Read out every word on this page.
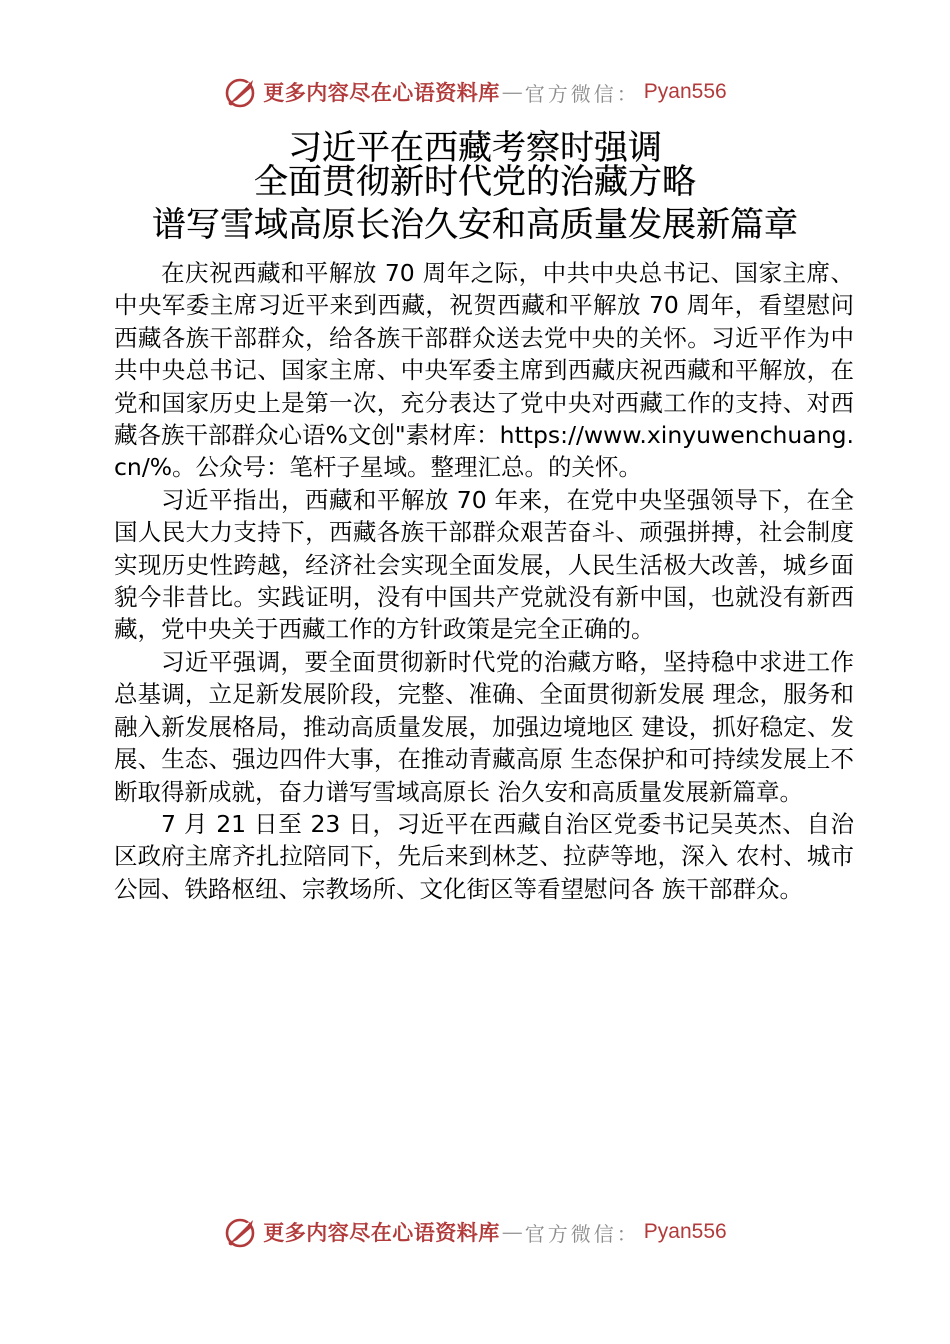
更多内容尽在心语资料库 — 官方微信： Pyan556
习近平在西藏考察时强调
全面贯彻新时代党的治藏方略
谱写雪域高原长治久安和高质量发展新篇章

在庆祝西藏和平解放 70 周年之际，中共中央总书记、国家主席、中央军委主席习近平来到西藏，祝贺西藏和平解放 70 周年，看望慰问西藏各族干部群众，给各族干部群众送去党中央的关怀。习近平作为中共中央总书记、国家主席、中央军委主席到西藏庆祝西藏和平解放，在党和国家历史上是第一次，充分表达了党中央对西藏工作的支持、对西藏各族干部群众心语%文创"素材库：https://www.xinyuwenchuang.cn/%。公众号：笔杆子星域。整理汇总。的关怀。

习近平指出，西藏和平解放 70 年来，在党中央坚强领导下，在全国人民大力支持下，西藏各族干部群众艰苦奋斗、顽强拼搏，社会制度实现历史性跨越，经济社会实现全面发展，人民生活极大改善，城乡面貌今非昔比。实践证明，没有中国共产党就没有新中国，也就没有新西藏，党中央关于西藏工作的方针政策是完全正确的。

习近平强调，要全面贯彻新时代党的治藏方略，坚持稳中求进工作总基调，立足新发展阶段，完整、准确、全面贯彻新发展 理念，服务和融入新发展格局，推动高质量发展，加强边境地区 建设，抓好稳定、发展、生态、强边四件大事，在推动青藏高原 生态保护和可持续发展上不断取得新成就，奋力谱写雪域高原长 治久安和高质量发展新篇章。

7 月 21 日至 23 日，习近平在西藏自治区党委书记吴英杰、自治区政府主席齐扎拉陪同下，先后来到林芝、拉萨等地，深入 农村、城市公园、铁路枢纽、宗教场所、文化街区等看望慰问各 族干部群众。

更多内容尽在心语资料库 — 官方微信： Pyan556
